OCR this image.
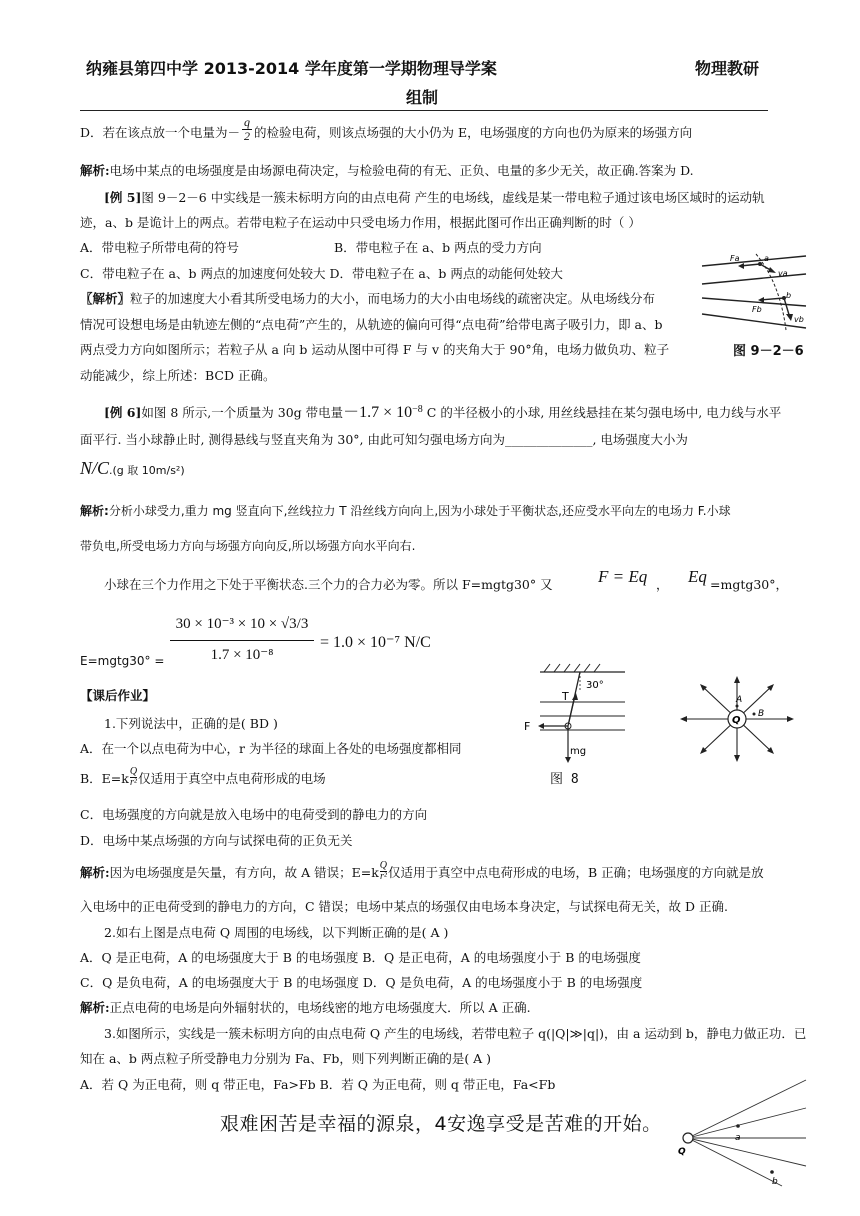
纳雍县第四中学 2013-2014 学年度第一学期物理导学案	物理教研
组制
D．若在该点放一个电量为－ $\frac{q}{2}$ 的检验电荷，则该点场强的大小仍为 E，电场强度的方向也仍为原来的场强方向
解析:电场中某点的电场强度是由场源电荷决定，与检验电荷的有无、正负、电量的多少无关，故正确.答案为 D.
[例 5]图 9－2－6 中实线是一簇未标明方向的由点电荷 产生的电场线，虚线是某一带电粒子通过该电场区域时的运动轨
迹，a、b 是诡计上的两点。若带电粒子在运动中只受电场力作用，根据此图可作出正确判断的时（ ）
A．带电粒子所带电荷的符号	B．带电粒子在 a、b 两点的受力方向
C．带电粒子在 a、b 两点的加速度何处较大 D．带电粒子在 a、b 两点的动能何处较大
〖解析〗粒子的加速度大小看其所受电场力的大小，而电场力的大小由电场线的疏密决定。从电场线分布
情况可设想电场是由轨迹左侧的“点电荷”产生的，从轨迹的偏向可得“点电荷”给带电离子吸引力，即 a、b
两点受力方向如图所示；若粒子从 a 向 b 运动从图中可得 F 与 v 的夹角大于 90°角，电场力做负功、粒子
动能减少，综上所述：BCD 正确。
Fa	a
va
b
Fb
vb
图 9－2－6
[例 6]如图 8 所示,一个质量为 30g 带电量$-1.7 \times 10^{-8}$ C 的半径极小的小球, 用丝线悬挂在某匀强电场中, 电力线与水平
面平行. 当小球静止时, 测得悬线与竖直夹角为 30°, 由此可知匀强电场方向为______________, 电场强度大小为
N/C.(g 取 10m/s²)
解析:分析小球受力,重力 mg 竖直向下,丝线拉力 T 沿丝线方向向上,因为小球处于平衡状态,还应受水平向左的电场力 F.小球
带负电,所受电场力方向与场强方向向反,所以场强方向水平向右.
小球在三个力作用之下处于平衡状态.三个力的合力必为零。所以 F=mgtg30° 又	F = Eq ， Eq =mgtg30°，
E=mgtg30° =
30 × 10⁻³ × 10 × √3/3
1.7 × 10⁻⁸
= 1.0 × 10⁻⁷ N/C
30°
T
F
mg
图 8
Q
A
B
【课后作业】
1.下列说法中，正确的是( BD )
A．在一个以点电荷为中心，r 为半径的球面上各处的电场强度都相同
B．$E=k \frac{Q}{\text{r²}}$ 仅适用于真空中点电荷形成的电场
C．电场强度的方向就是放入电场中的电荷受到的静电力的方向
D．电场中某点场强的方向与试探电荷的正负无关
解析:因为电场强度是矢量，有方向，故 A 错误；$E=k \frac{Q}{\text{r²}}$ 仅适用于真空中点电荷形成的电场，B 正确；电场强度的方向就是放
入电场中的正电荷受到的静电力的方向，C 错误；电场中某点的场强仅由电场本身决定，与试探电荷无关，故 D 正确.
2.如右上图是点电荷 Q 周围的电场线，以下判断正确的是( A )
A．Q 是正电荷，A 的电场强度大于 B 的电场强度 B．Q 是正电荷，A 的电场强度小于 B 的电场强度
C．Q 是负电荷，A 的电场强度大于 B 的电场强度 D．Q 是负电荷，A 的电场强度小于 B 的电场强度
解析:正点电荷的电场是向外辐射状的，电场线密的地方电场强度大．所以 A 正确.
3.如图所示，实线是一簇未标明方向的由点电荷 Q 产生的电场线，若带电粒子 q(|Q|≫|q|)，由 a 运动到 b，静电力做正功．已
知在 a、b 两点粒子所受静电力分别为 Fa、Fb，则下列判断正确的是( A )
A．若 Q 为正电荷，则 q 带正电，Fa>Fb B．若 Q 为正电荷，则 q 带正电，Fa<Fb
艰难困苦是幸福的源泉，4安逸享受是苦难的开始。
Q
a
b
